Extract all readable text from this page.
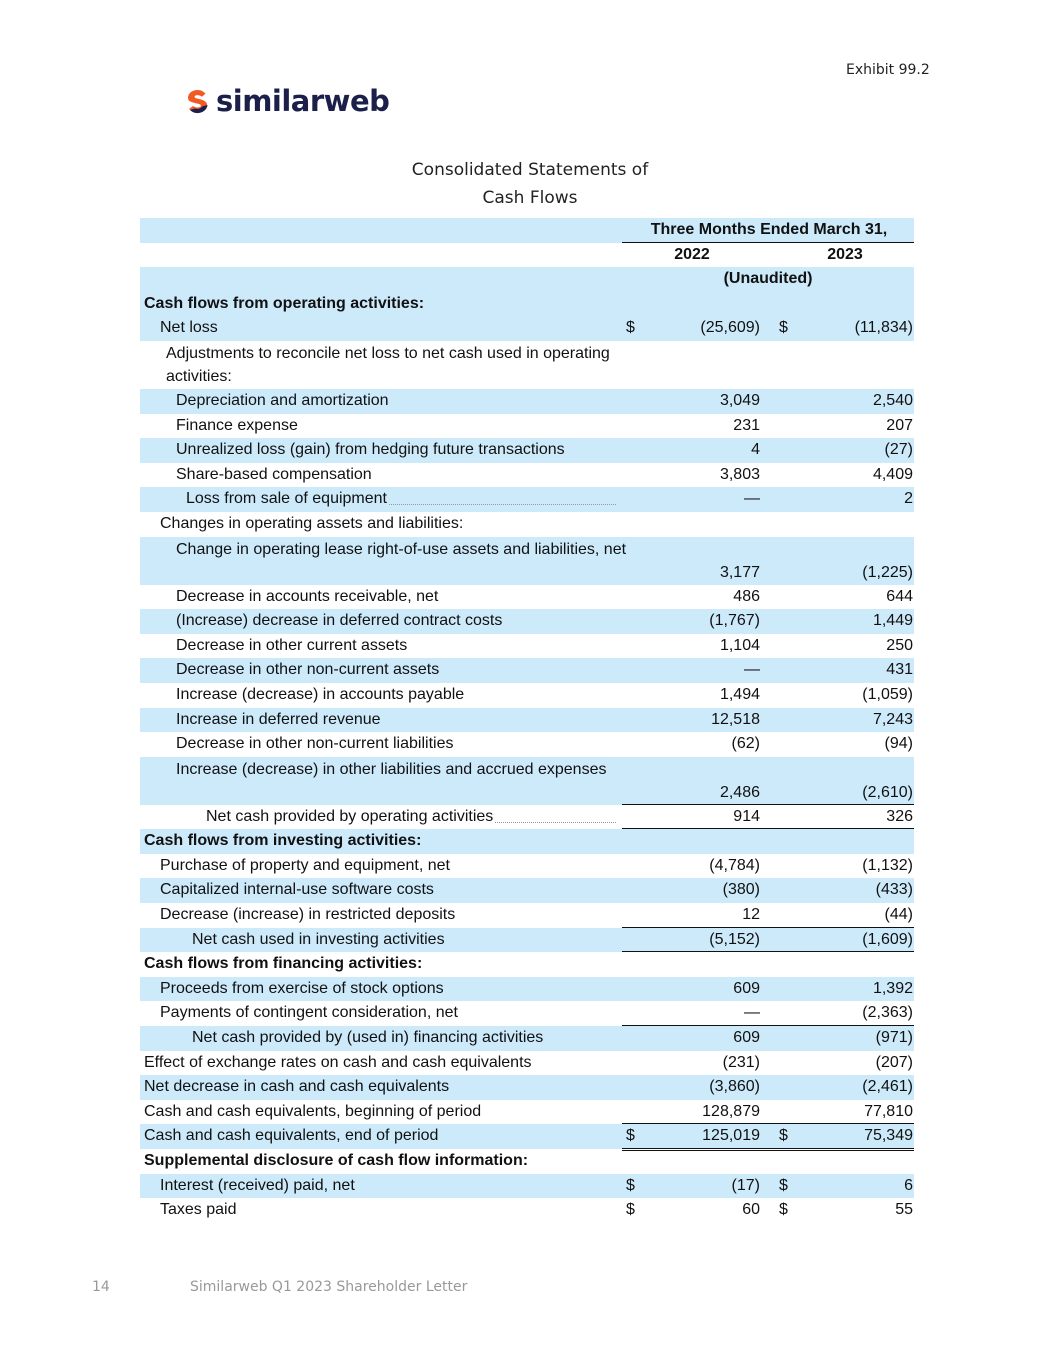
Exhibit 99.2
similarweb
Consolidated Statements of
Cash Flows
Three Months Ended March 31,
2022	2023
(Unaudited)
Cash flows from operating activities:
Net loss	$	(25,609) $	(11,834)
Adjustments to reconcile net loss to net cash used in operating activities:
Depreciation and amortization	3,049	2,540
Finance expense	231	207
Unrealized loss (gain) from hedging future transactions	4	(27)
Share-based compensation	3,803	4,409
Loss from sale of equipment	—	2
Changes in operating assets and liabilities:
Change in operating lease right-of-use assets and liabilities, net
3,177	(1,225)
Decrease in accounts receivable, net	486	644
(Increase) decrease in deferred contract costs	(1,767)	1,449
Decrease in other current assets	1,104	250
Decrease in other non-current assets	—	431
Increase (decrease) in accounts payable	1,494	(1,059)
Increase in deferred revenue	12,518	7,243
Decrease in other non-current liabilities	(62)	(94)
Increase (decrease) in other liabilities and accrued expenses
2,486	(2,610)
Net cash provided by operating activities	914	326
Cash flows from investing activities:
Purchase of property and equipment, net	(4,784)	(1,132)
Capitalized internal-use software costs	(380)	(433)
Decrease (increase) in restricted deposits	12	(44)
Net cash used in investing activities	(5,152)	(1,609)
Cash flows from financing activities:
Proceeds from exercise of stock options	609	1,392
Payments of contingent consideration, net	—	(2,363)
Net cash provided by (used in) financing activities	609	(971)
Effect of exchange rates on cash and cash equivalents	(231)	(207)
Net decrease in cash and cash equivalents	(3,860)	(2,461)
Cash and cash equivalents, beginning of period	128,879	77,810
Cash and cash equivalents, end of period	$	125,019 $	75,349
Supplemental disclosure of cash flow information:
Interest (received) paid, net	$	(17) $	6
Taxes paid	$	60 $	55
14	Similarweb Q1 2023 Shareholder Letter
